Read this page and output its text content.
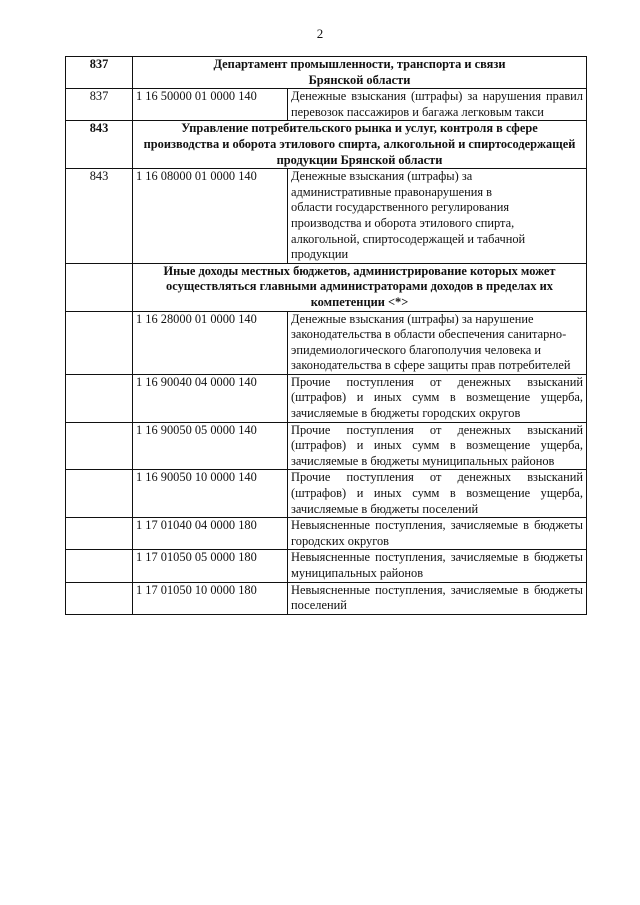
2
837	Департамент промышленности, транспорта и связи Брянской области	
837	1 16 50000 01 0000 140	Денежные взыскания (штрафы) за нарушения правил перевозок пассажиров и багажа легковым такси
843	Управление потребительского рынка и услуг, контроля в сфере производства и оборота этилового спирта, алкогольной и спиртосодержащей продукции Брянской области	
843	1 16 08000 01 0000 140	Денежные взыскания (штрафы) за административные правонарушения в области государственного регулирования производства и оборота этилового спирта, алкогольной, спиртосодержащей и табачной продукции
	Иные доходы местных бюджетов, администрирование которых может осуществляться главными администраторами доходов в пределах их компетенции <*>	
	1 16 28000 01 0000 140	Денежные взыскания (штрафы) за нарушение законодательства в области обеспечения санитарно-эпидемиологического благополучия человека и законодательства в сфере защиты прав потребителей
	1 16 90040 04 0000 140	Прочие поступления от денежных взысканий (штрафов) и иных сумм в возмещение ущерба, зачисляемые в бюджеты городских округов
	1 16 90050 05 0000 140	Прочие поступления от денежных взысканий (штрафов) и иных сумм в возмещение ущерба, зачисляемые в бюджеты муниципальных районов
	1 16 90050 10 0000 140	Прочие поступления от денежных взысканий (штрафов) и иных сумм в возмещение ущерба, зачисляемые в бюджеты поселений
	1 17 01040 04 0000 180	Невыясненные поступления, зачисляемые в бюджеты городских округов
	1 17 01050 05 0000 180	Невыясненные поступления, зачисляемые в бюджеты муниципальных районов
	1 17 01050 10 0000 180	Невыясненные поступления, зачисляемые в бюджеты поселений
